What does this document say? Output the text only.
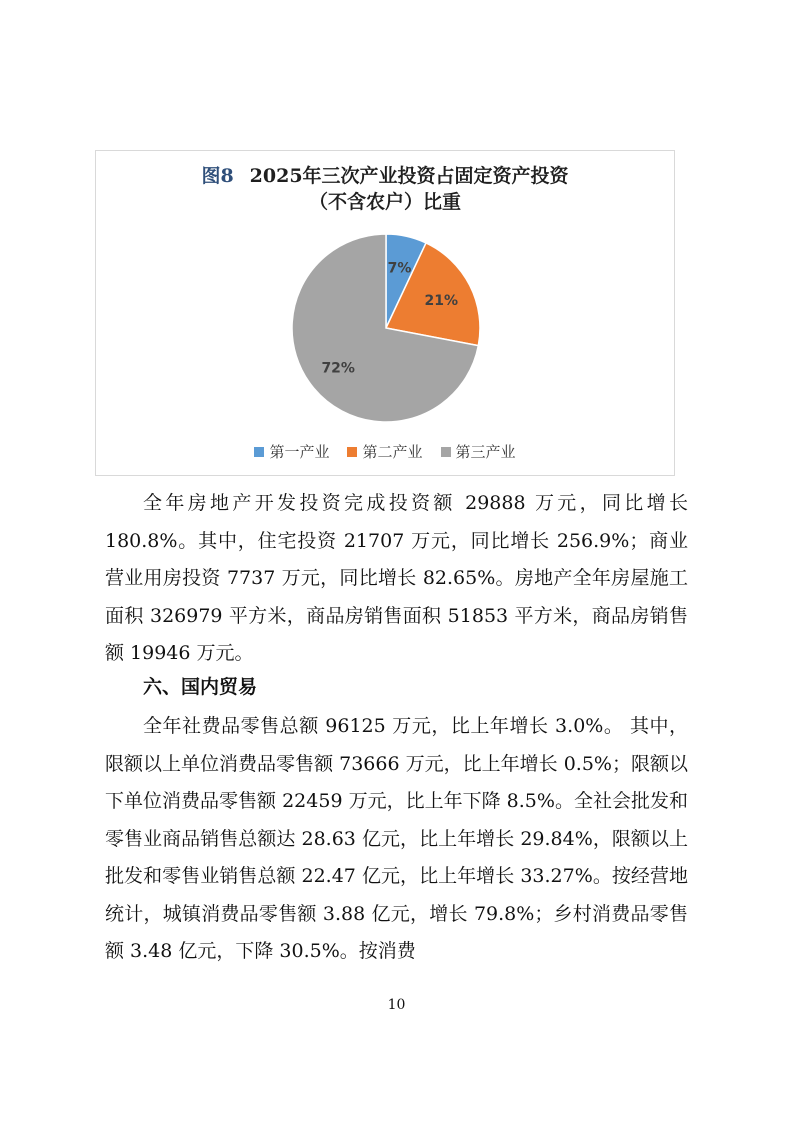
图8 2025年三次产业投资占固定资产投资
（不含农户）比重
7%
21%
72%
第一产业 第二产业 第三产业

全年房地产开发投资完成投资额 29888 万元，同比增长 180.8%。其中，住宅投资 21707 万元，同比增长 256.9%；商业营业用房投资 7737 万元，同比增长 82.65%。房地产全年房屋施工面积 326979 平方米，商品房销售面积 51853 平方米，商品房销售额 19946 万元。

六、国内贸易

全年社费品零售总额 96125 万元，比上年增长 3.0%。 其中，限额以上单位消费品零售额 73666 万元，比上年增长 0.5%；限额以下单位消费品零售额 22459 万元，比上年下降 8.5%。全社会批发和零售业商品销售总额达 28.63 亿元，比上年增长 29.84%，限额以上批发和零售业销售总额 22.47 亿元，比上年增长 33.27%。按经营地统计，城镇消费品零售额 3.88 亿元，增长 79.8%；乡村消费品零售额 3.48 亿元，下降 30.5%。按消费

10
